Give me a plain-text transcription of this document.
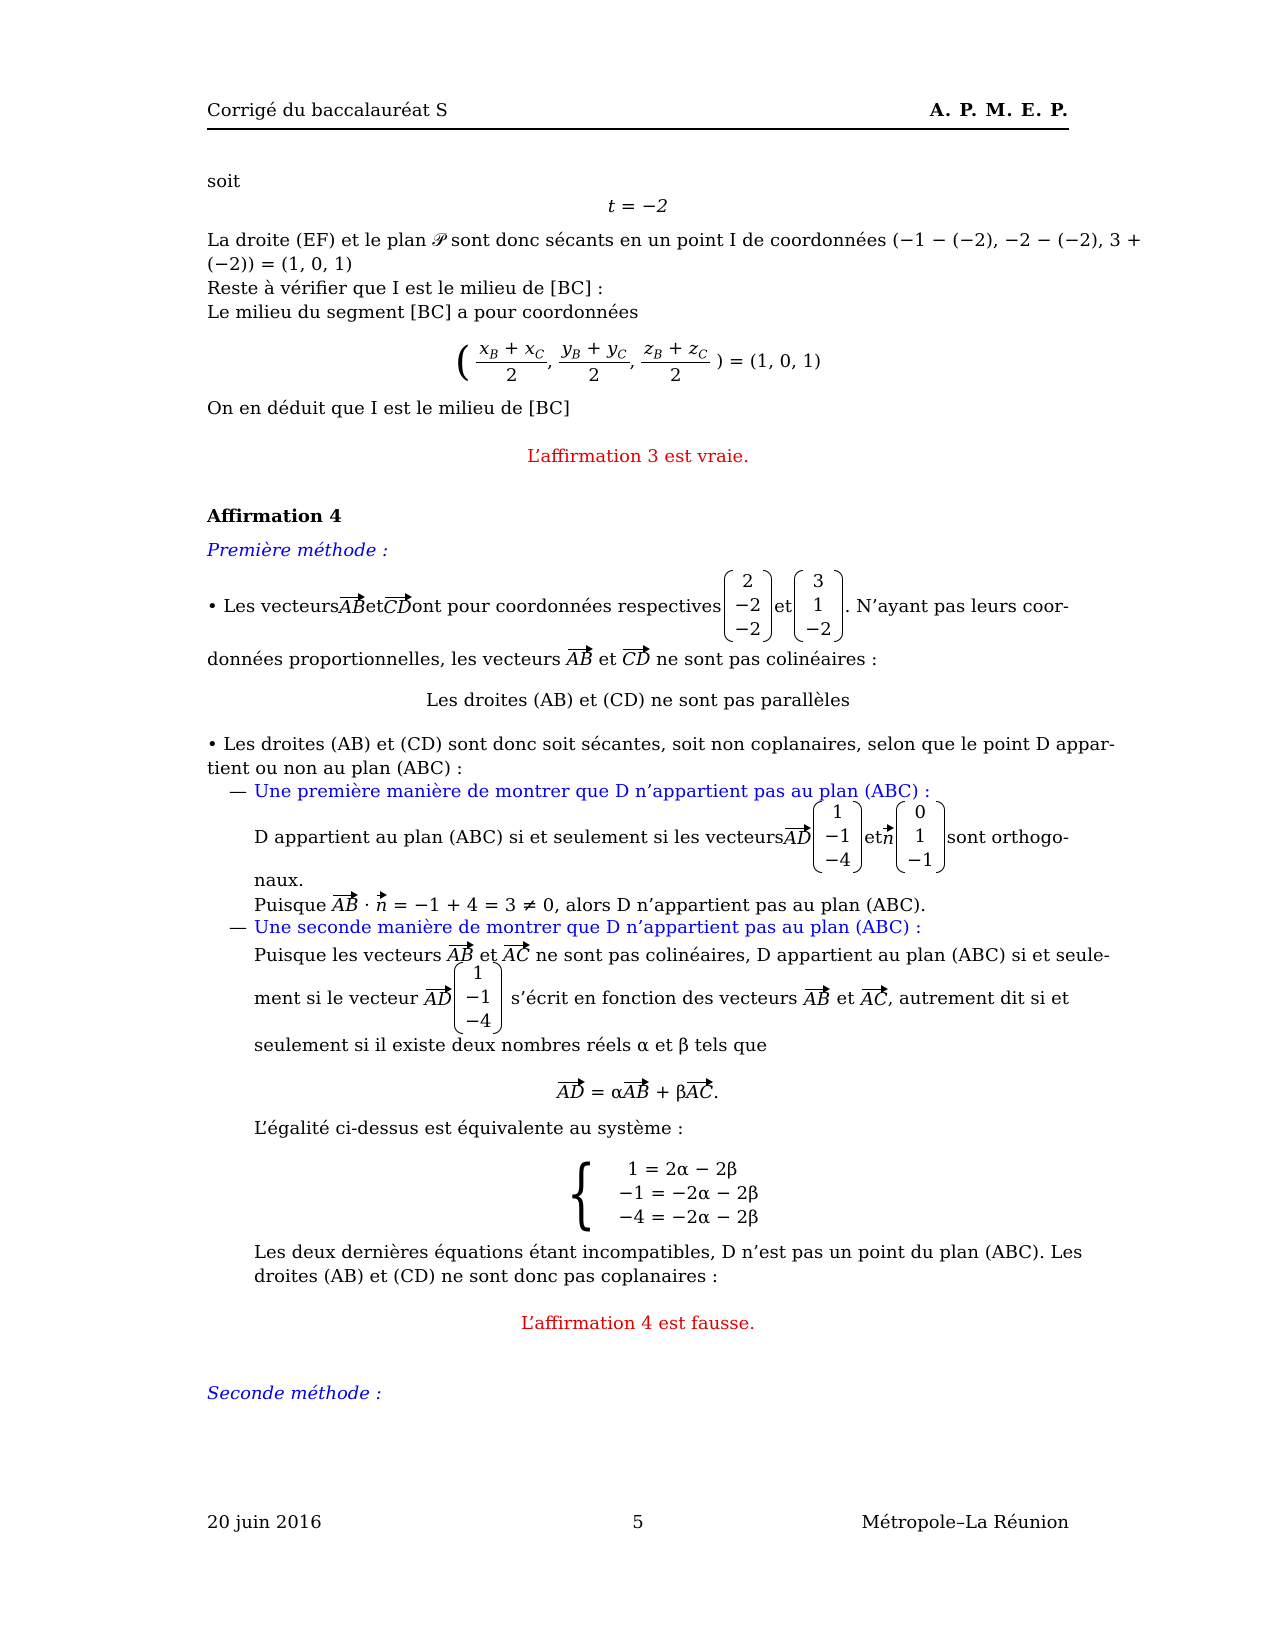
Corrigé du baccalauréat S	A. P. M. E. P.
soit
t = −2
La droite (EF) et le plan 𝒫 sont donc sécants en un point I de coordonnées (−1 − (−2), −2 − (−2), 3 +
(−2)) = (1, 0, 1)
Reste à vérifier que I est le milieu de [BC] :
Le milieu du segment [BC] a pour coordonnées
( $\frac{x_B + x_C}{2}$ , $\frac{y_B + y_C}{2}$ , $\frac{z_B + z_C}{2}$ ) = (1, 0, 1)
On en déduit que I est le milieu de [BC]
L’affirmation 3 est vraie.
Affirmation 4
Première méthode :
• Les vecteurs AB et CD ont pour coordonnées respectives
2
−2
−2
et
3
1
−2
. N’ayant pas leurs coor-
données proportionnelles, les vecteurs AB et CD ne sont pas colinéaires :
Les droites (AB) et (CD) ne sont pas parallèles
• Les droites (AB) et (CD) sont donc soit sécantes, soit non coplanaires, selon que le point D appar-
tient ou non au plan (ABC) :
— Une première manière de montrer que D n’appartient pas au plan (ABC) :
D appartient au plan (ABC) si et seulement si les vecteurs AD
1
−1
−4
et n
0
1
−1
sont orthogo-
naux.
Puisque AB · n = −1 + 4 = 3 ≠ 0, alors D n’appartient pas au plan (ABC).
— Une seconde manière de montrer que D n’appartient pas au plan (ABC) :
Puisque les vecteurs AB et AC ne sont pas colinéaires, D appartient au plan (ABC) si et seule-
ment si le vecteur AD
1
−1
−4
s’écrit en fonction des vecteurs AB et AC , autrement dit si et
seulement si il existe deux nombres réels α et β tels que
AD = αAB + βAC.
L’égalité ci-dessus est équivalente au système :
{	1 = 2α − 2β
−1 = −2α − 2β
−4 = −2α − 2β
Les deux dernières équations étant incompatibles, D n’est pas un point du plan (ABC). Les
droites (AB) et (CD) ne sont donc pas coplanaires :
L’affirmation 4 est fausse.
Seconde méthode :
20 juin 2016	5	Métropole–La Réunion
